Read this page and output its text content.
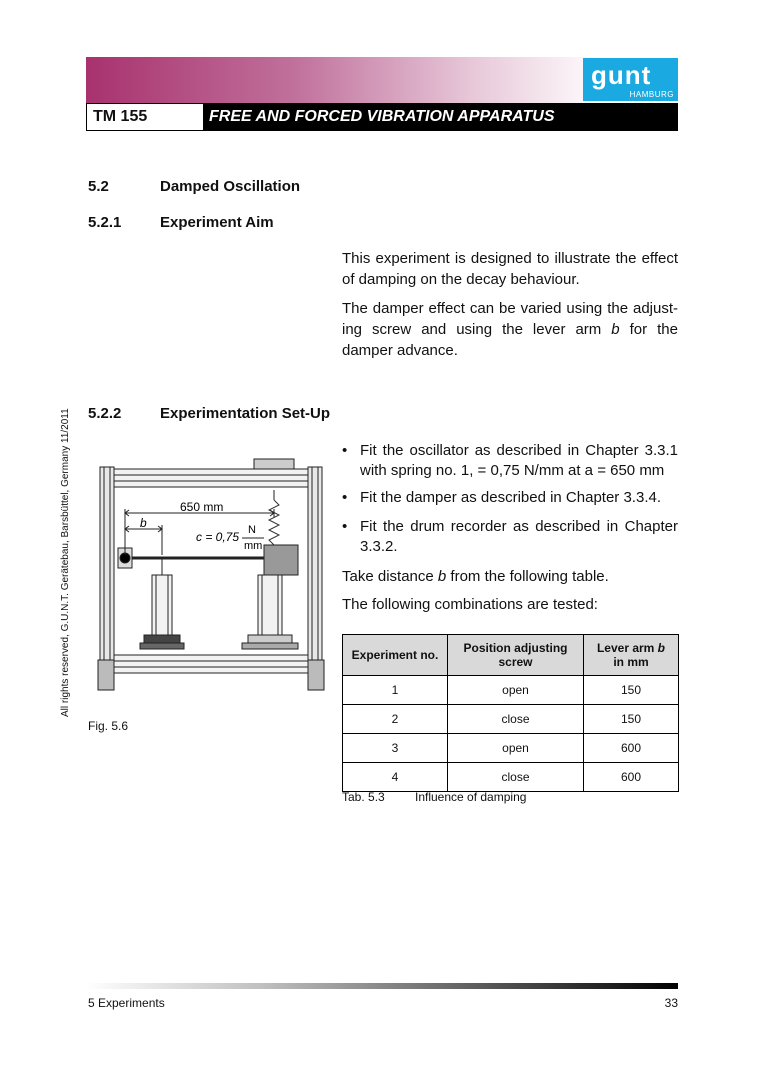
gunt
HAMBURG
TM 155	FREE AND FORCED VIBRATION APPARATUS
All rights reserved, G.U.N.T. Gerätebau, Barsbüttel, Germany 11/2011
5.2	Damped Oscillation
5.2.1	Experiment Aim
This experiment is designed to illustrate the effect of damping on the decay behaviour.
The damper effect can be varied using the adjust- ing screw and using the lever arm b for the damper advance.
5.2.2	Experimentation Set-Up
• Fit the oscillator as described in Chapter 3.3.1 with spring no. 1, = 0,75 N/mm at a = 650 mm
• Fit the damper as described in Chapter 3.3.4.
• Fit the drum recorder as described in Chapter 3.3.2.
Take distance b from the following table.
The following combinations are tested:
650 mm
b
c = 0,75 N
mm
Fig. 5.6
Experiment no.	Position adjusting screw	Lever arm b
in mm
1	open	150
2	close	150
3	open	600
4	close	600
Tab. 5.3	Influence of damping
5 Experiments	33
